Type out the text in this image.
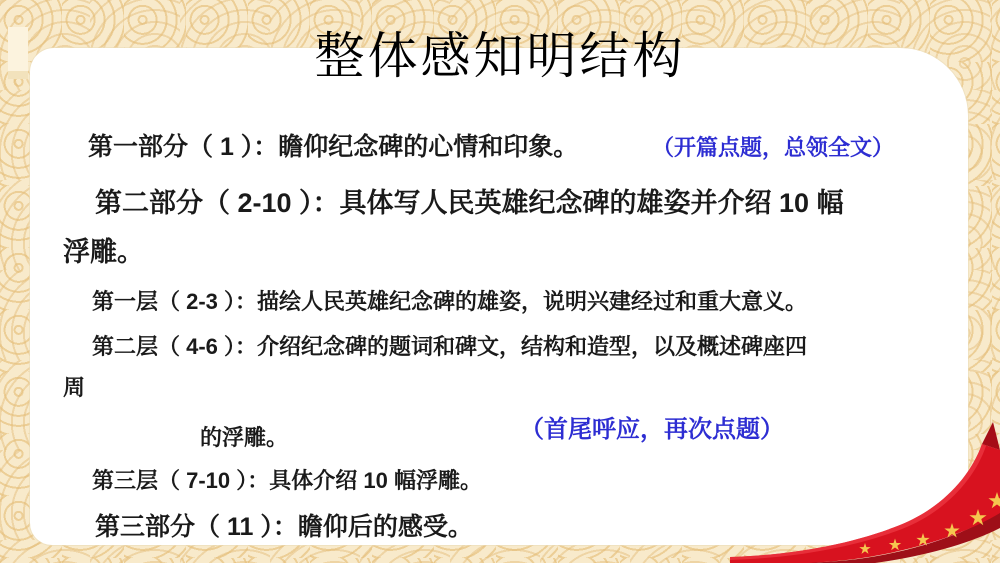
整体感知明结构
第一部分（ 1 ）：瞻仰纪念碑的心情和印象。	（开篇点题，总领全文）
第二部分（ 2-10 ）：具体写人民英雄纪念碑的雄姿并介绍 10 幅
浮雕。
第一层（ 2-3 ）：描绘人民英雄纪念碑的雄姿，说明兴建经过和重大意义。
第二层（ 4-6 ）：介绍纪念碑的题词和碑文，结构和造型，以及概述碑座四
周
的浮雕。	（首尾呼应，再次点题）
第三层（ 7-10 ）：具体介绍 10 幅浮雕。
第三部分（ 11 ）：瞻仰后的感受。
